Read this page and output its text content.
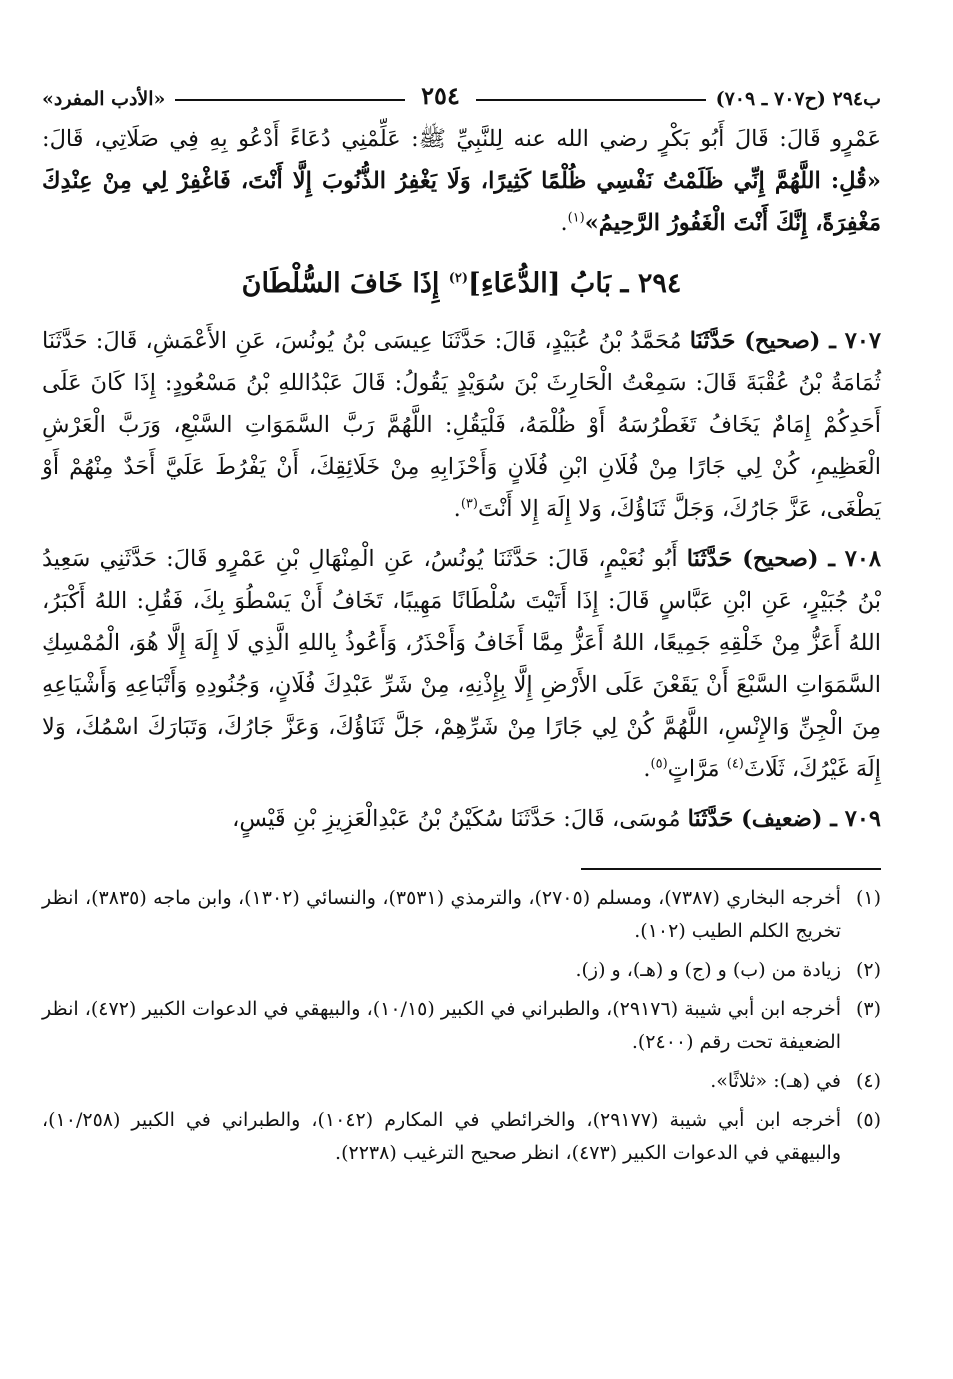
ب٢٩٤ (ح٧٠٧ ـ ٧٠٩)
٢٥٤
«الأدب المفرد»

عَمْرٍو قَالَ: قَالَ أَبُو بَكْرٍ رضي الله عنه لِلنَّبِيِّ ﷺ: عَلِّمْنِي دُعَاءً أَدْعُو بِهِ فِي صَلَاتِي، قَالَ: «قُلِ: اللَّهُمَّ إِنِّي ظَلَمْتُ نَفْسِي ظُلْمًا كَثِيرًا، وَلَا يَغْفِرُ الذُّنُوبَ إِلَّا أَنْتَ، فَاغْفِرْ لِي مِنْ عِنْدِكَ مَغْفِرَةً، إِنَّكَ أَنْتَ الْغَفُورُ الرَّحِيمُ»$^{(١)}$.

٢٩٤ ـ بَابُ [الدُّعَاءِ]$^{(٢)}$ إِذَا خَافَ السُّلْطَانَ

٧٠٧ ـ (صحيح) حَدَّثَنَا مُحَمَّدُ بْنُ عُبَيْدٍ، قَالَ: حَدَّثَنَا عِيسَى بْنُ يُونُسَ، عَنِ الأَعْمَشِ، قَالَ: حَدَّثَنَا ثُمَامَةُ بْنُ عُقْبَةَ قَالَ: سَمِعْتُ الْحَارِثَ بْنَ سُوَيْدٍ يَقُولُ: قَالَ عَبْدُاللهِ بْنُ مَسْعُودٍ: إِذَا كَانَ عَلَى أَحَدِكُمْ إِمَامٌ يَخَافُ تَغَطْرُسَهُ أَوْ ظُلْمَهُ، فَلْيَقُلِ: اللَّهُمَّ رَبَّ السَّمَوَاتِ السَّبْعِ، وَرَبَّ الْعَرْشِ الْعَظِيمِ، كُنْ لِي جَارًا مِنْ فُلَانِ ابْنِ فُلَانٍ وَأَحْزَابِهِ مِنْ خَلَائِقِكَ، أَنْ يَفْرُطَ عَلَيَّ أَحَدٌ مِنْهُمْ أَوْ يَطْغَى، عَزَّ جَارُكَ، وَجَلَّ ثَنَاؤُكَ، وَلا إِلَهَ إِلا أَنْتَ$^{(٣)}$.

٧٠٨ ـ (صحيح) حَدَّثَنَا أَبُو نُعَيْمٍ، قَالَ: حَدَّثَنَا يُونُسُ، عَنِ الْمِنْهَالِ بْنِ عَمْرٍو قَالَ: حَدَّثَنِي سَعِيدُ بْنُ جُبَيْرٍ، عَنِ ابْنِ عَبَّاسٍ قَالَ: إِذَا أَتَيْتَ سُلْطَانًا مَهِيبًا، تَخَافُ أَنْ يَسْطُوَ بِكَ، فَقُلِ: اللهُ أَكْبَرُ، اللهُ أَعَزُّ مِنْ خَلْقِهِ جَمِيعًا، اللهُ أَعَزُّ مِمَّا أَخَافُ وَأَحْذَرُ، وَأَعُوذُ بِاللهِ الَّذِي لَا إِلَهَ إِلَّا هُوَ، الْمُمْسِكِ السَّمَوَاتِ السَّبْعَ أَنْ يَقَعْنَ عَلَى الأَرْضِ إِلَّا بِإِذْنِهِ، مِنْ شَرِّ عَبْدِكَ فُلَانٍ، وَجُنُودِهِ وَأَتْبَاعِهِ وَأَشْيَاعِهِ مِنَ الْجِنِّ وَالإِنْسِ، اللَّهُمَّ كُنْ لِي جَارًا مِنْ شَرِّهِمْ، جَلَّ ثَنَاؤُكَ، وَعَزَّ جَارُكَ، وَتَبَارَكَ اسْمُكَ، وَلا إِلَهَ غَيْرُكَ، ثَلَاثَ$^{(٤)}$ مَرَّاتٍ$^{(٥)}$.

٧٠٩ ـ (ضعيف) حَدَّثَنَا مُوسَى، قَالَ: حَدَّثَنَا سُكَيْنُ بْنُ عَبْدِالْعَزِيزِ بْنِ قَيْسٍ،

(١)
أخرجه البخاري (٧٣٨٧)، ومسلم (٢٧٠٥)، والترمذي (٣٥٣١)، والنسائي (١٣٠٢)، وابن ماجه (٣٨٣٥)، انظر تخريج الكلم الطيب (١٠٢).
(٢)
زيادة من (ب) و (ج) و (هـ)، و (ز).
(٣)
أخرجه ابن أبي شيبة (٢٩١٧٦)، والطبراني في الكبير (١٠/١٥)، والبيهقي في الدعوات الكبير (٤٧٢)، انظر الضعيفة تحت رقم (٢٤٠٠).
(٤)
في (هـ): «ثلاثًا».
(٥)
أخرجه ابن أبي شيبة (٢٩١٧٧)، والخرائطي في المكارم (١٠٤٢)، والطبراني في الكبير (١٠/٢٥٨)، والبيهقي في الدعوات الكبير (٤٧٣)، انظر صحيح الترغيب (٢٢٣٨).
